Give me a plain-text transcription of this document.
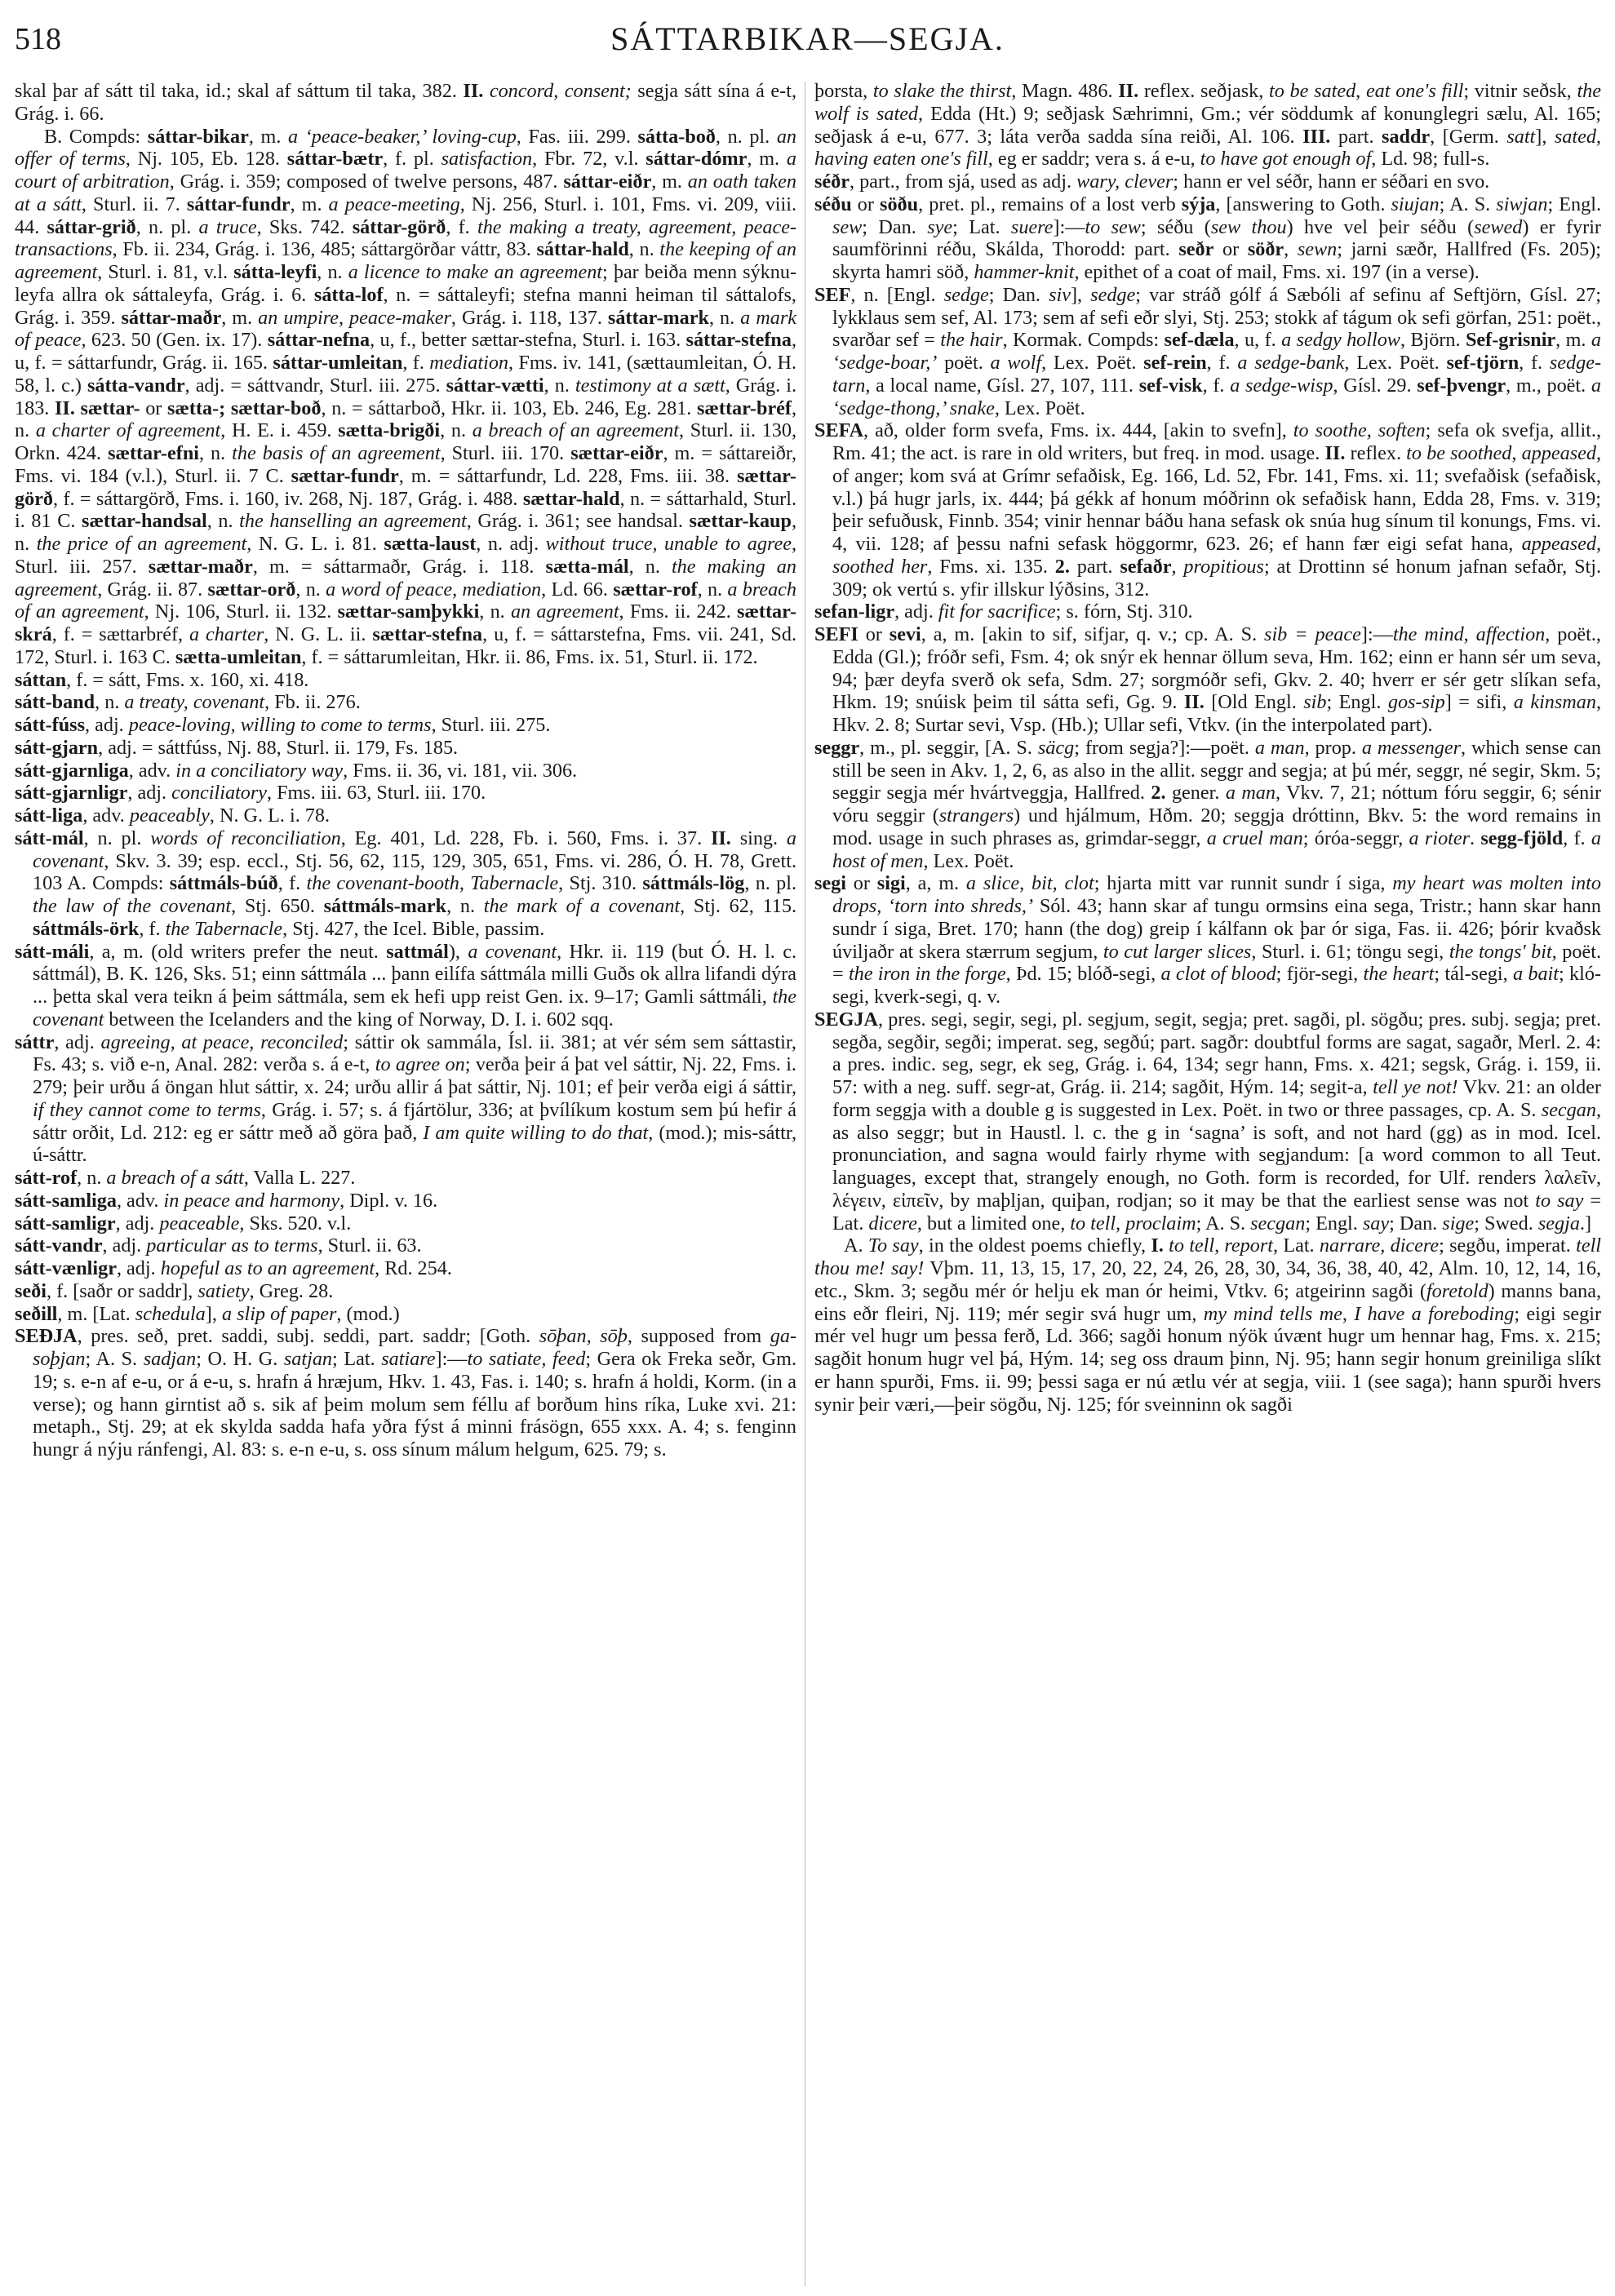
518	SÁTTARBIKAR—SEGJA.

skal þar af sátt til taka, id.; skal af sáttum til taka, 382. II. concord, consent; segja sátt sína á e-t, Grág. i. 66.

B. Compds: sáttar-bikar, m. a ‘peace-beaker,’ loving-cup, Fas. iii. 299. sátta-boð, n. pl. an offer of terms, Nj. 105, Eb. 128. sáttar-bætr, f. pl. satisfaction, Fbr. 72, v.l. sáttar-dómr, m. a court of arbitration, Grág. i. 359; composed of twelve persons, 487. sáttar-eiðr, m. an oath taken at a sátt, Sturl. ii. 7. sáttar-fundr, m. a peace-meeting, Nj. 256, Sturl. i. 101, Fms. vi. 209, viii. 44. sáttar-grið, n. pl. a truce, Sks. 742. sáttar-görð, f. the making a treaty, agreement, peace-transactions, Fb. ii. 234, Grág. i. 136, 485; sáttargörðar váttr, 83. sáttar-hald, n. the keeping of an agreement, Sturl. i. 81, v.l. sátta-leyfi, n. a licence to make an agreement; þar beiða menn sýknu-leyfa allra ok sáttaleyfa, Grág. i. 6. sátta-lof, n. = sáttaleyfi; stefna manni heiman til sáttalofs, Grág. i. 359. sáttar-maðr, m. an umpire, peace-maker, Grág. i. 118, 137. sáttar-mark, n. a mark of peace, 623. 50 (Gen. ix. 17). sáttar-nefna, u, f., better sættar-stefna, Sturl. i. 163. sáttar-stefna, u, f. = sáttarfundr, Grág. ii. 165. sáttar-umleitan, f. mediation, Fms. iv. 141, (sættaumleitan, Ó. H. 58, l. c.) sátta-vandr, adj. = sáttvandr, Sturl. iii. 275. sáttar-vætti, n. testimony at a sætt, Grág. i. 183. II. sættar- or sætta-; sættar-boð, n. = sáttarboð, Hkr. ii. 103, Eb. 246, Eg. 281. sættar-bréf, n. a charter of agreement, H. E. i. 459. sætta-brigði, n. a breach of an agreement, Sturl. ii. 130, Orkn. 424. sættar-efni, n. the basis of an agreement, Sturl. iii. 170. sættar-eiðr, m. = sáttareiðr, Fms. vi. 184 (v.l.), Sturl. ii. 7 C. sættar-fundr, m. = sáttarfundr, Ld. 228, Fms. iii. 38. sættar-görð, f. = sáttargörð, Fms. i. 160, iv. 268, Nj. 187, Grág. i. 488. sættar-hald, n. = sáttarhald, Sturl. i. 81 C. sættar-handsal, n. the hanselling an agreement, Grág. i. 361; see handsal. sættar-kaup, n. the price of an agreement, N. G. L. i. 81. sætta-laust, n. adj. without truce, unable to agree, Sturl. iii. 257. sættar-maðr, m. = sáttarmaðr, Grág. i. 118. sætta-mál, n. the making an agreement, Grág. ii. 87. sættar-orð, n. a word of peace, mediation, Ld. 66. sættar-rof, n. a breach of an agreement, Nj. 106, Sturl. ii. 132. sættar-samþykki, n. an agreement, Fms. ii. 242. sættar-skrá, f. = sættarbréf, a charter, N. G. L. ii. sættar-stefna, u, f. = sáttarstefna, Fms. vii. 241, Sd. 172, Sturl. i. 163 C. sætta-umleitan, f. = sáttarumleitan, Hkr. ii. 86, Fms. ix. 51, Sturl. ii. 172.

sáttan, f. = sátt, Fms. x. 160, xi. 418.

sátt-band, n. a treaty, covenant, Fb. ii. 276.

sátt-fúss, adj. peace-loving, willing to come to terms, Sturl. iii. 275.

sátt-gjarn, adj. = sáttfúss, Nj. 88, Sturl. ii. 179, Fs. 185.

sátt-gjarnliga, adv. in a conciliatory way, Fms. ii. 36, vi. 181, vii. 306.

sátt-gjarnligr, adj. conciliatory, Fms. iii. 63, Sturl. iii. 170.

sátt-liga, adv. peaceably, N. G. L. i. 78.

sátt-mál, n. pl. words of reconciliation, Eg. 401, Ld. 228, Fb. i. 560, Fms. i. 37. II. sing. a covenant, Skv. 3. 39; esp. eccl., Stj. 56, 62, 115, 129, 305, 651, Fms. vi. 286, Ó. H. 78, Grett. 103 A. Compds: sáttmáls-búð, f. the covenant-booth, Tabernacle, Stj. 310. sáttmáls-lög, n. pl. the law of the covenant, Stj. 650. sáttmáls-mark, n. the mark of a covenant, Stj. 62, 115. sáttmáls-örk, f. the Tabernacle, Stj. 427, the Icel. Bible, passim.

sátt-máli, a, m. (old writers prefer the neut. sattmál), a covenant, Hkr. ii. 119 (but Ó. H. l. c. sáttmál), B. K. 126, Sks. 51; einn sáttmála ... þann eilífa sáttmála milli Guðs ok allra lifandi dýra ... þetta skal vera teikn á þeim sáttmála, sem ek hefi upp reist Gen. ix. 9–17; Gamli sáttmáli, the covenant between the Icelanders and the king of Norway, D. I. i. 602 sqq.

sáttr, adj. agreeing, at peace, reconciled; sáttir ok sammála, Ísl. ii. 381; at vér sém sem sáttastir, Fs. 43; s. við e-n, Anal. 282: verða s. á e-t, to agree on; verða þeir á þat vel sáttir, Nj. 22, Fms. i. 279; þeir urðu á öngan hlut sáttir, x. 24; urðu allir á þat sáttir, Nj. 101; ef þeir verða eigi á sáttir, if they cannot come to terms, Grág. i. 57; s. á fjártölur, 336; at þvílíkum kostum sem þú hefir á sáttr orðit, Ld. 212: eg er sáttr með að göra það, I am quite willing to do that, (mod.); mis-sáttr, ú-sáttr.

sátt-rof, n. a breach of a sátt, Valla L. 227.

sátt-samliga, adv. in peace and harmony, Dipl. v. 16.

sátt-samligr, adj. peaceable, Sks. 520. v.l.

sátt-vandr, adj. particular as to terms, Sturl. ii. 63.

sátt-vænligr, adj. hopeful as to an agreement, Rd. 254.

seði, f. [saðr or saddr], satiety, Greg. 28.

seðill, m. [Lat. schedula], a slip of paper, (mod.)

SEÐJA, pres. seð, pret. saddi, subj. seddi, part. saddr; [Goth. sōþan, sōþ, supposed from ga-soþjan; A. S. sadjan; O. H. G. satjan; Lat. satiare]:—to satiate, feed; Gera ok Freka seðr, Gm. 19; s. e-n af e-u, or á e-u, s. hrafn á hræjum, Hkv. 1. 43, Fas. i. 140; s. hrafn á holdi, Korm. (in a verse); og hann girntist að s. sik af þeim molum sem féllu af borðum hins ríka, Luke xvi. 21: metaph., Stj. 29; at ek skylda sadda hafa yðra fýst á minni frásögn, 655 xxx. A. 4; s. fenginn hungr á nýju ránfengi, Al. 83: s. e-n e-u, s. oss sínum málum helgum, 625. 79; s.

þorsta, to slake the thirst, Magn. 486. II. reflex. seðjask, to be sated, eat one's fill; vitnir seðsk, the wolf is sated, Edda (Ht.) 9; seðjask Sæhrimni, Gm.; vér söddumk af konunglegri sælu, Al. 165; seðjask á e-u, 677. 3; láta verða sadda sína reiði, Al. 106. III. part. saddr, [Germ. satt], sated, having eaten one's fill, eg er saddr; vera s. á e-u, to have got enough of, Ld. 98; full-s.

séðr, part., from sjá, used as adj. wary, clever; hann er vel séðr, hann er séðari en svo.

séðu or söðu, pret. pl., remains of a lost verb sýja, [answering to Goth. siujan; A. S. siwjan; Engl. sew; Dan. sye; Lat. suere]:—to sew; séðu (sew thou) hve vel þeir séðu (sewed) er fyrir saumförinni réðu, Skálda, Thorodd: part. seðr or söðr, sewn; jarni sæðr, Hallfred (Fs. 205); skyrta hamri söð, hammer-knit, epithet of a coat of mail, Fms. xi. 197 (in a verse).

SEF, n. [Engl. sedge; Dan. siv], sedge; var stráð gólf á Sæbóli af sefinu af Seftjörn, Gísl. 27; lykklaus sem sef, Al. 173; sem af sefi eðr slyi, Stj. 253; stokk af tágum ok sefi görfan, 251: poët., svarðar sef = the hair, Kormak. Compds: sef-dæla, u, f. a sedgy hollow, Björn. Sef-grisnir, m. a ‘sedge-boar,’ poët. a wolf, Lex. Poët. sef-rein, f. a sedge-bank, Lex. Poët. sef-tjörn, f. sedge-tarn, a local name, Gísl. 27, 107, 111. sef-visk, f. a sedge-wisp, Gísl. 29. sef-þvengr, m., poët. a ‘sedge-thong,’ snake, Lex. Poët.

SEFA, að, older form svefa, Fms. ix. 444, [akin to svefn], to soothe, soften; sefa ok svefja, allit., Rm. 41; the act. is rare in old writers, but freq. in mod. usage. II. reflex. to be soothed, appeased, of anger; kom svá at Grímr sefaðisk, Eg. 166, Ld. 52, Fbr. 141, Fms. xi. 11; svefaðisk (sefaðisk, v.l.) þá hugr jarls, ix. 444; þá gékk af honum móðrinn ok sefaðisk hann, Edda 28, Fms. v. 319; þeir sefuðusk, Finnb. 354; vinir hennar báðu hana sefask ok snúa hug sínum til konungs, Fms. vi. 4, vii. 128; af þessu nafni sefask höggormr, 623. 26; ef hann fær eigi sefat hana, appeased, soothed her, Fms. xi. 135. 2. part. sefaðr, propitious; at Drottinn sé honum jafnan sefaðr, Stj. 309; ok vertú s. yfir illskur lýðsins, 312.

sefan-ligr, adj. fit for sacrifice; s. fórn, Stj. 310.

SEFI or sevi, a, m. [akin to sif, sifjar, q. v.; cp. A. S. sib = peace]:—the mind, affection, poët., Edda (Gl.); fróðr sefi, Fsm. 4; ok snýr ek hennar öllum seva, Hm. 162; einn er hann sér um seva, 94; þær deyfa sverð ok sefa, Sdm. 27; sorgmóðr sefi, Gkv. 2. 40; hverr er sér getr slíkan sefa, Hkm. 19; snúisk þeim til sátta sefi, Gg. 9. II. [Old Engl. sib; Engl. gos-sip] = sifi, a kinsman, Hkv. 2. 8; Surtar sevi, Vsp. (Hb.); Ullar sefi, Vtkv. (in the interpolated part).

seggr, m., pl. seggir, [A. S. säcg; from segja?]:—poët. a man, prop. a messenger, which sense can still be seen in Akv. 1, 2, 6, as also in the allit. seggr and segja; at þú mér, seggr, né segir, Skm. 5; seggir segja mér hvártveggja, Hallfred. 2. gener. a man, Vkv. 7, 21; nóttum fóru seggir, 6; sénir vóru seggir (strangers) und hjálmum, Hðm. 20; seggja dróttinn, Bkv. 5: the word remains in mod. usage in such phrases as, grimdar-seggr, a cruel man; óróa-seggr, a rioter. segg-fjöld, f. a host of men, Lex. Poët.

segi or sigi, a, m. a slice, bit, clot; hjarta mitt var runnit sundr í siga, my heart was molten into drops, ‘torn into shreds,’ Sól. 43; hann skar af tungu ormsins eina sega, Tristr.; hann skar hann sundr í siga, Bret. 170; hann (the dog) greip í kálfann ok þar ór siga, Fas. ii. 426; þórir kvaðsk úviljaðr at skera stærrum segjum, to cut larger slices, Sturl. i. 61; töngu segi, the tongs' bit, poët. = the iron in the forge, Þd. 15; blóð-segi, a clot of blood; fjör-segi, the heart; tál-segi, a bait; kló-segi, kverk-segi, q. v.

SEGJA, pres. segi, segir, segi, pl. segjum, segit, segja; pret. sagði, pl. sögðu; pres. subj. segja; pret. segða, segðir, segði; imperat. seg, segðú; part. sagðr: doubtful forms are sagat, sagaðr, Merl. 2. 4: a pres. indic. seg, segr, ek seg, Grág. i. 64, 134; segr hann, Fms. x. 421; segsk, Grág. i. 159, ii. 57: with a neg. suff. segr-at, Grág. ii. 214; sagðit, Hým. 14; segit-a, tell ye not! Vkv. 21: an older form seggja with a double g is suggested in Lex. Poët. in two or three passages, cp. A. S. secgan, as also seggr; but in Haustl. l. c. the g in ‘sagna’ is soft, and not hard (gg) as in mod. Icel. pronunciation, and sagna would fairly rhyme with segjandum: [a word common to all Teut. languages, except that, strangely enough, no Goth. form is recorded, for Ulf. renders λαλεῖν, λέγειν, εἰπεῖν, by maþljan, quiþan, rodjan; so it may be that the earliest sense was not to say = Lat. dicere, but a limited one, to tell, proclaim; A. S. secgan; Engl. say; Dan. sige; Swed. segja.]

A. To say, in the oldest poems chiefly, I. to tell, report, Lat. narrare, dicere; segðu, imperat. tell thou me! say! Vþm. 11, 13, 15, 17, 20, 22, 24, 26, 28, 30, 34, 36, 38, 40, 42, Alm. 10, 12, 14, 16, etc., Skm. 3; segðu mér ór helju ek man ór heimi, Vtkv. 6; atgeirinn sagði (foretold) manns bana, eins eðr fleiri, Nj. 119; mér segir svá hugr um, my mind tells me, I have a foreboding; eigi segir mér vel hugr um þessa ferð, Ld. 366; sagði honum nýök úvænt hugr um hennar hag, Fms. x. 215; sagðit honum hugr vel þá, Hým. 14; seg oss draum þinn, Nj. 95; hann segir honum greiniliga slíkt er hann spurði, Fms. ii. 99; þessi saga er nú ætlu vér at segja, viii. 1 (see saga); hann spurði hvers synir þeir væri,—þeir sögðu, Nj. 125; fór sveinninn ok sagði
